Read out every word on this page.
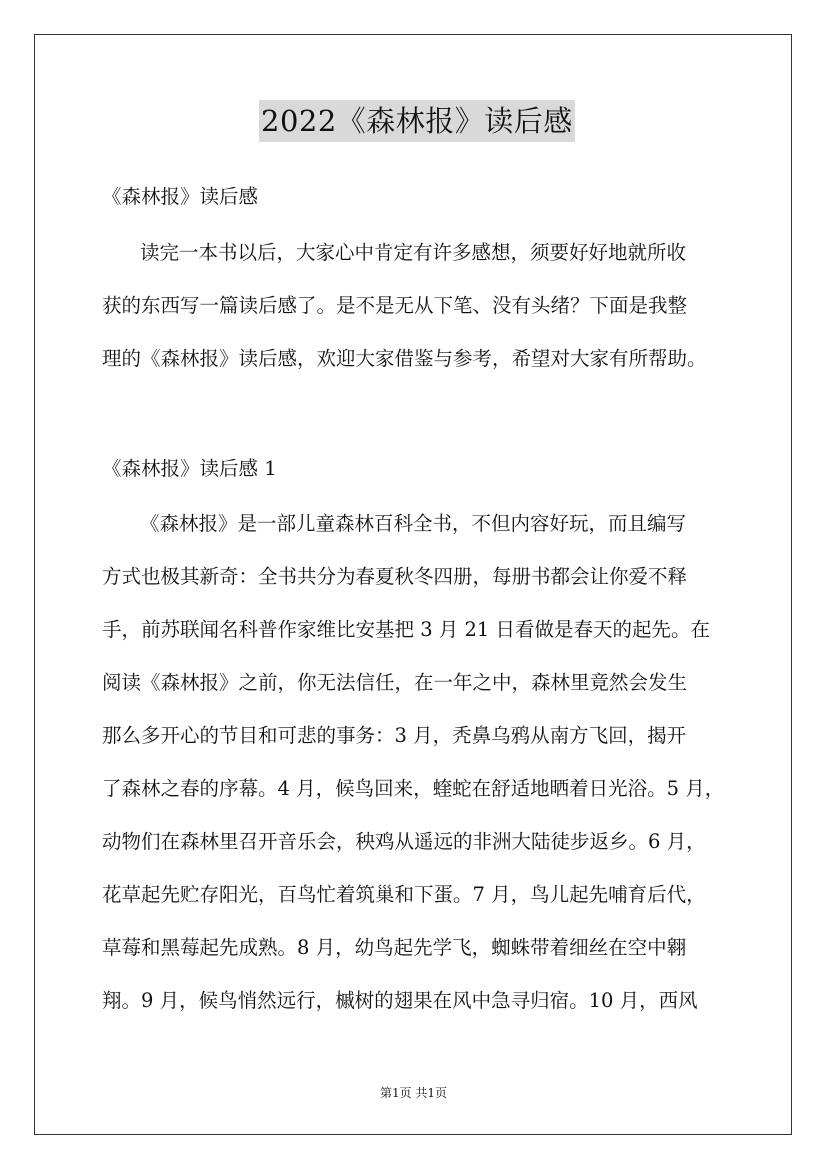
2022《森林报》读后感
《森林报》读后感
读完一本书以后，大家心中肯定有许多感想，须要好好地就所收
获的东西写一篇读后感了。是不是无从下笔、没有头绪？下面是我整
理的《森林报》读后感，欢迎大家借鉴与参考，希望对大家有所帮助。
《森林报》读后感 1
《森林报》是一部儿童森林百科全书，不但内容好玩，而且编写
方式也极其新奇：全书共分为春夏秋冬四册，每册书都会让你爱不释
手，前苏联闻名科普作家维比安基把 3 月 21 日看做是春天的起先。在
阅读《森林报》之前，你无法信任，在一年之中，森林里竟然会发生
那么多开心的节目和可悲的事务：3 月，秃鼻乌鸦从南方飞回，揭开
了森林之春的序幕。4 月，候鸟回来，蝰蛇在舒适地晒着日光浴。5 月，
动物们在森林里召开音乐会，秧鸡从遥远的非洲大陆徒步返乡。6 月，
花草起先贮存阳光，百鸟忙着筑巢和下蛋。7 月，鸟儿起先哺育后代，
草莓和黑莓起先成熟。8 月，幼鸟起先学飞，蜘蛛带着细丝在空中翱
翔。9 月，候鸟悄然远行，槭树的翅果在风中急寻归宿。10 月，西风
第1页 共1页
